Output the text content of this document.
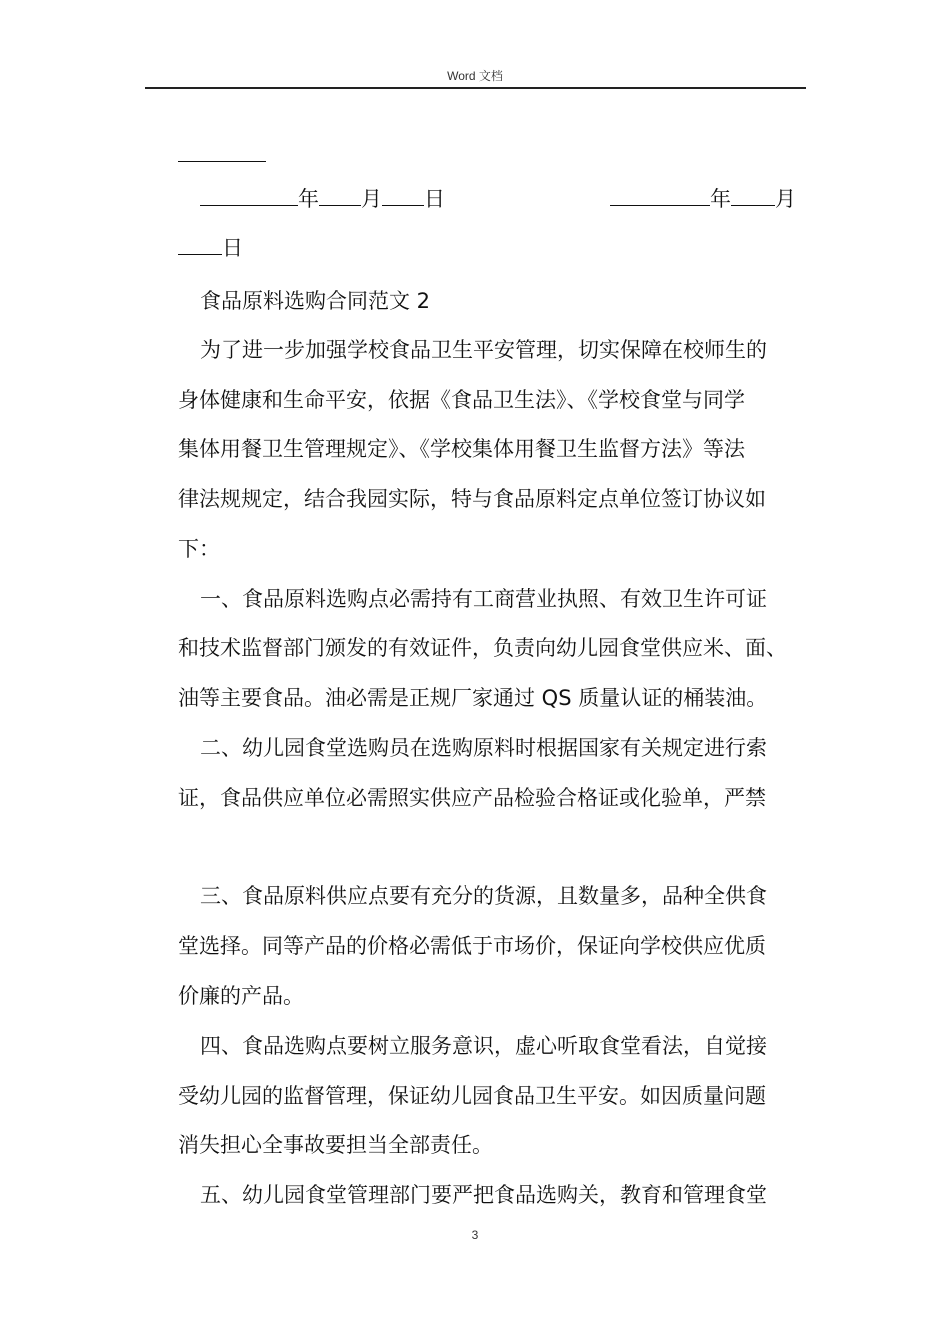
Word 文档
年 月 日	年 月
日
食品原料选购合同范文 2
为了进一步加强学校食品卫生平安管理，切实保障在校师生的
身体健康和生命平安，依据《食品卫生法》、《学校食堂与同学
集体用餐卫生管理规定》、《学校集体用餐卫生监督方法》等法
律法规规定，结合我园实际，特与食品原料定点单位签订协议如
下：
一、食品原料选购点必需持有工商营业执照、有效卫生许可证
和技术监督部门颁发的有效证件，负责向幼儿园食堂供应米、面、
油等主要食品。油必需是正规厂家通过 QS 质量认证的桶装油。
二、幼儿园食堂选购员在选购原料时根据国家有关规定进行索
证，食品供应单位必需照实供应产品检验合格证或化验单，严禁
三、食品原料供应点要有充分的货源，且数量多，品种全供食
堂选择。同等产品的价格必需低于市场价，保证向学校供应优质
价廉的产品。
四、食品选购点要树立服务意识，虚心听取食堂看法，自觉接
受幼儿园的监督管理，保证幼儿园食品卫生平安。如因质量问题
消失担心全事故要担当全部责任。
五、幼儿园食堂管理部门要严把食品选购关，教育和管理食堂
3
